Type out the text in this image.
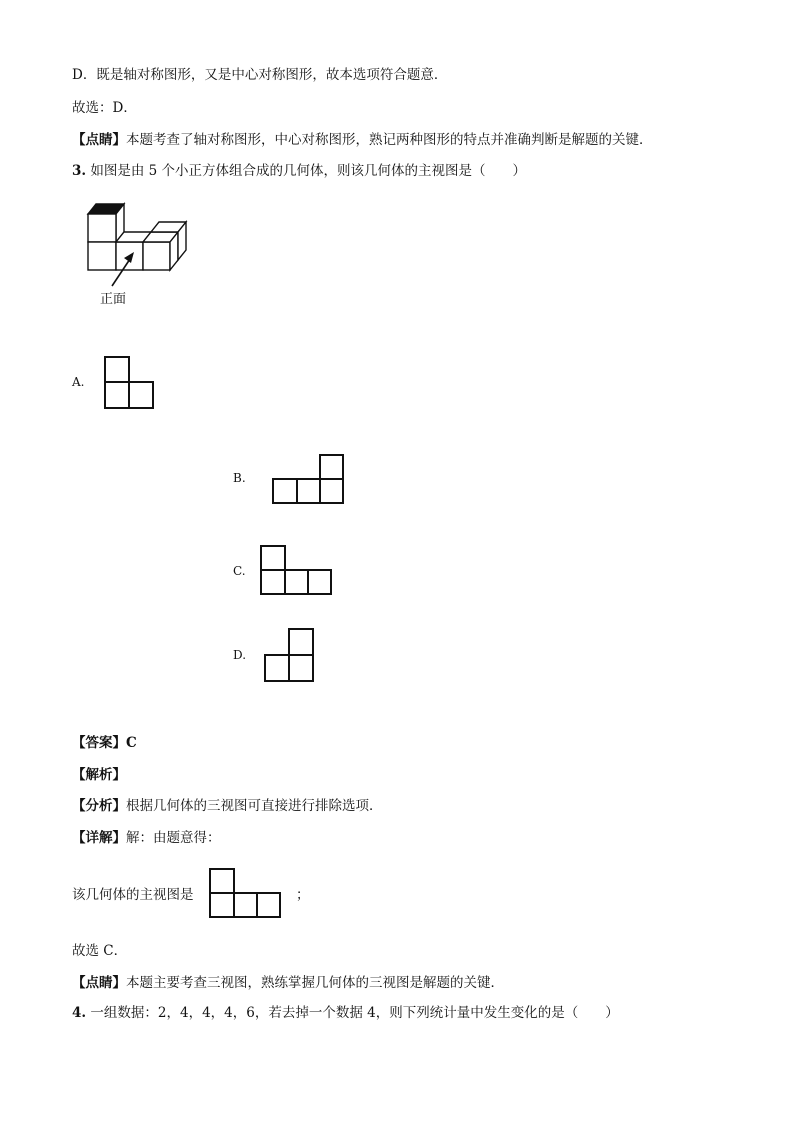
D．既是轴对称图形，又是中心对称图形，故本选项符合题意．
故选：D．
【点睛】本题考查了轴对称图形，中心对称图形，熟记两种图形的特点并准确判断是解题的关键．
3. 如图是由 5 个小正方体组合成的几何体，则该几何体的主视图是（　　）
正面
A.
B.
C.
D.
【答案】C
【解析】
【分析】根据几何体的三视图可直接进行排除选项．
【详解】解：由题意得：
该几何体的主视图是	；
故选 C．
【点睛】本题主要考查三视图，熟练掌握几何体的三视图是解题的关键．
4. 一组数据：2，4，4，4，6，若去掉一个数据 4，则下列统计量中发生变化的是（　　）
